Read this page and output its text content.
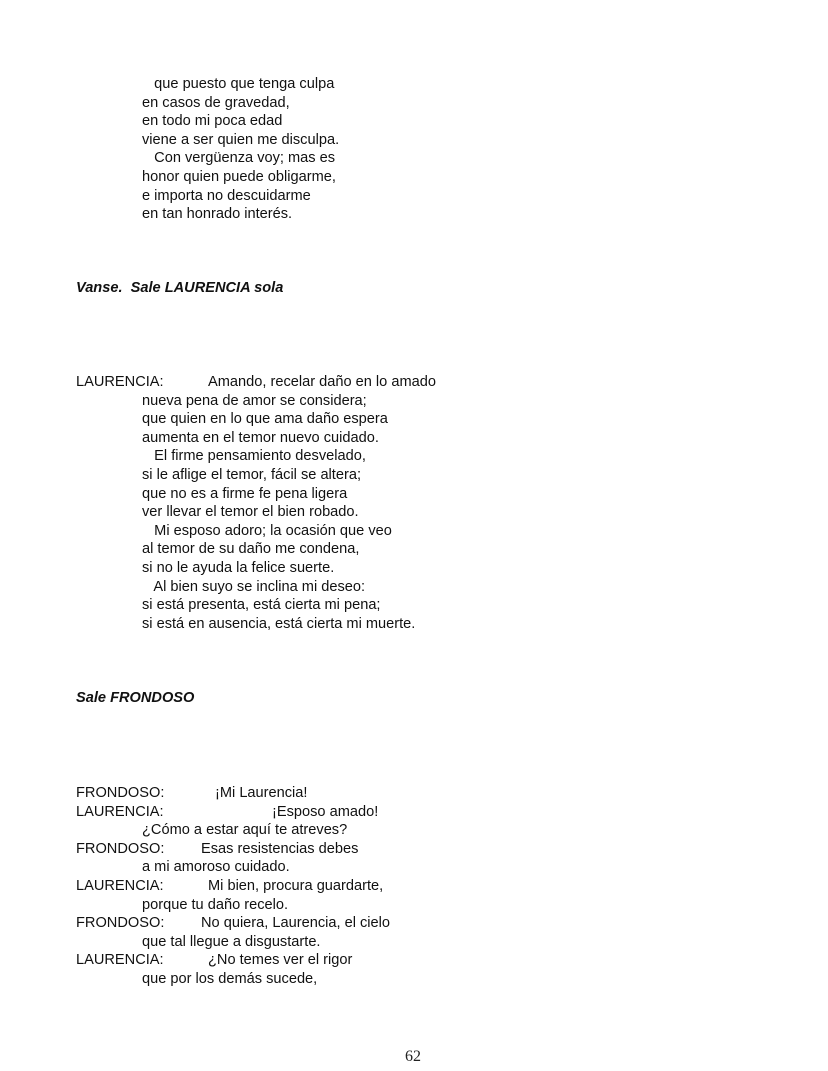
que puesto que tenga culpa
en casos de gravedad,
en todo mi poca edad
viene a ser quien me disculpa.
Con vergüenza voy; mas es
honor quien puede obligarme,
e importa no descuidarme
en tan honrado interés.
Vanse.  Sale LAURENCIA sola
LAURENCIA:	Amando, recelar daño en lo amado
nueva pena de amor se considera;
que quien en lo que ama daño espera
aumenta en el temor nuevo cuidado.
El firme pensamiento desvelado,
si le aflige el temor, fácil se altera;
que no es a firme fe pena ligera
ver llevar el temor el bien robado.
Mi esposo adoro; la ocasión que veo
al temor de su daño me condena,
si no le ayuda la felice suerte.
Al bien suyo se inclina mi deseo:
si está presenta, está cierta mi pena;
si está en ausencia, está cierta mi muerte.
Sale FRONDOSO
FRONDOSO:	¡Mi Laurencia!
LAURENCIA:	¡Esposo amado!
¿Cómo a estar aquí te atreves?
FRONDOSO:	Esas resistencias debes
a mi amoroso cuidado.
LAURENCIA:	Mi bien, procura guardarte,
porque tu daño recelo.
FRONDOSO:	No quiera, Laurencia, el cielo
que tal llegue a disgustarte.
LAURENCIA:	¿No temes ver el rigor
que por los demás sucede,
62
